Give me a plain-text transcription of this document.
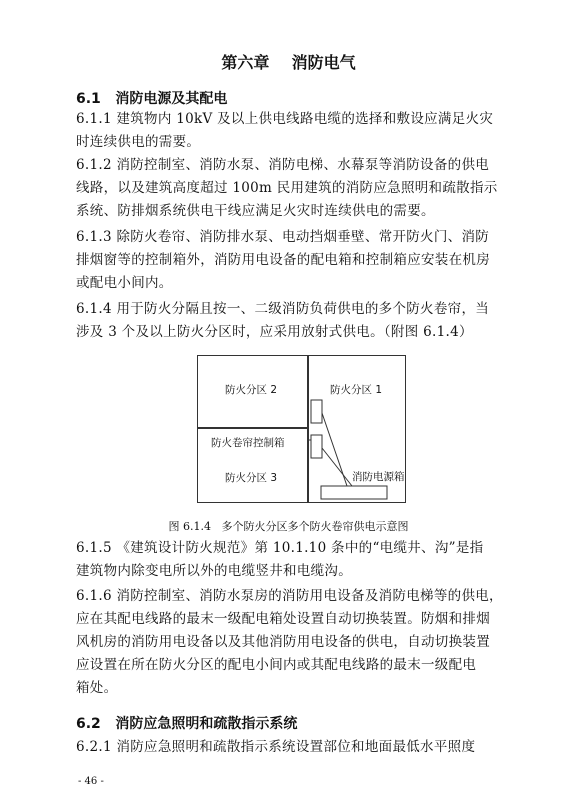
第六章    消防电气
6.1   消防电源及其配电
6.1.1 建筑物内 10kV 及以上供电线路电缆的选择和敷设应满足火灾
时连续供电的需要。
6.1.2 消防控制室、消防水泵、消防电梯、水幕泵等消防设备的供电
线路，以及建筑高度超过 100m 民用建筑的消防应急照明和疏散指示
系统、防排烟系统供电干线应满足火灾时连续供电的需要。
6.1.3 除防火卷帘、消防排水泵、电动挡烟垂壁、常开防火门、消防
排烟窗等的控制箱外，消防用电设备的配电箱和控制箱应安装在机房
或配电小间内。
6.1.4 用于防火分隔且按一、二级消防负荷供电的多个防火卷帘，当
涉及 3 个及以上防火分区时，应采用放射式供电。（附图 6.1.4）
防火分区 2	防火分区 1
防火卷帘控制箱
防火分区 3	消防电源箱
图 6.1.4   多个防火分区多个防火卷帘供电示意图
6.1.5 《建筑设计防火规范》第 10.1.10 条中的“电缆井、沟”是指
建筑物内除变电所以外的电缆竖井和电缆沟。
6.1.6 消防控制室、消防水泵房的消防用电设备及消防电梯等的供电，
应在其配电线路的最末一级配电箱处设置自动切换装置。防烟和排烟
风机房的消防用电设备以及其他消防用电设备的供电，自动切换装置
应设置在所在防火分区的配电小间内或其配电线路的最末一级配电
箱处。
6.2   消防应急照明和疏散指示系统
6.2.1 消防应急照明和疏散指示系统设置部位和地面最低水平照度
- 46 -
